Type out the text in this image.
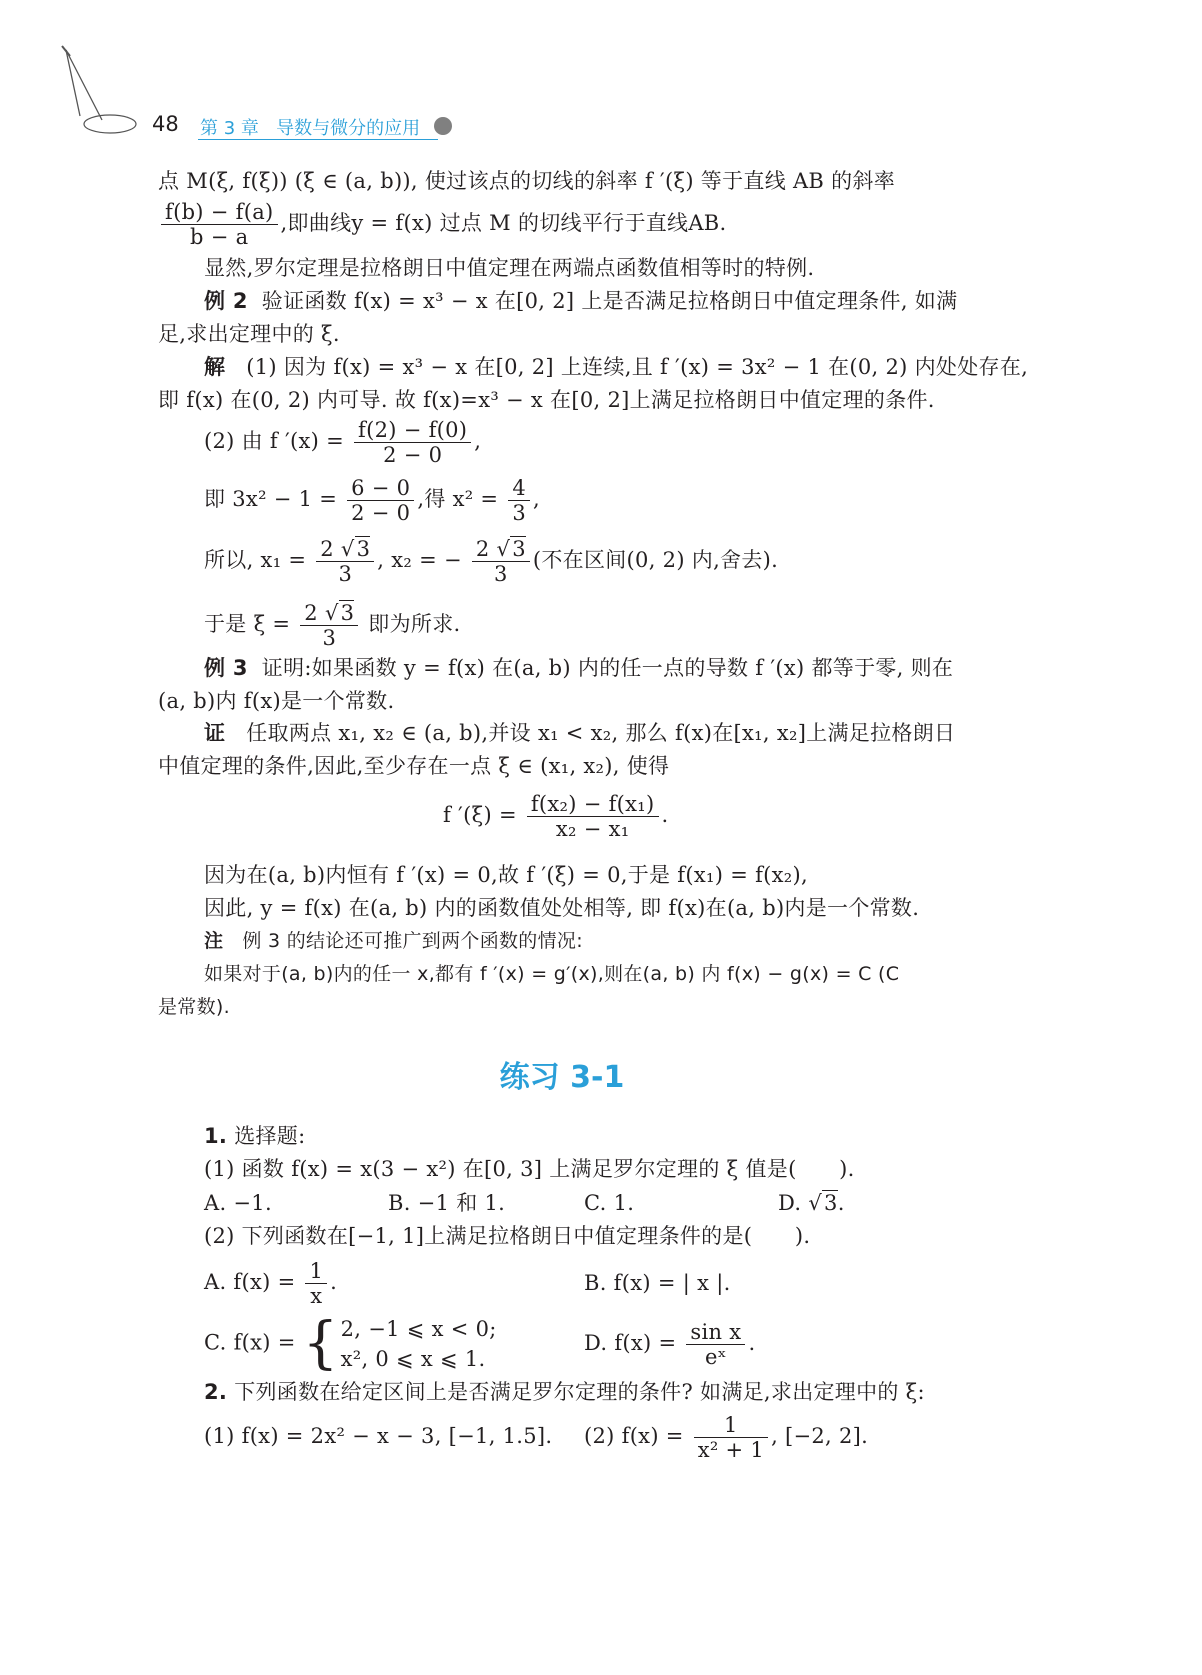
48 第 3 章 导数与微分的应用
点 M(ξ, f(ξ)) (ξ ∈ (a, b)), 使过该点的切线的斜率 f ′(ξ) 等于直线 AB 的斜率
$\frac{f(b) - f(a)}{b - a}$ ,即曲线y = f(x) 过点 M 的切线平行于直线AB.
显然,罗尔定理是拉格朗日中值定理在两端点函数值相等时的特例.
例 2 验证函数 f(x) = x³ − x 在[0, 2] 上是否满足拉格朗日中值定理条件, 如满
足,求出定理中的 ξ.
解 (1) 因为 f(x) = x³ − x 在[0, 2] 上连续,且 f ′(x) = 3x² − 1 在(0, 2) 内处处存在,
即 f(x) 在(0, 2) 内可导. 故 f(x)=x³ − x 在[0, 2]上满足拉格朗日中值定理的条件.
(2) 由 f $'(x) = \frac{f(2) - f(0)}{2 - 0}$ ,
即 $3x^2 - 1 = \frac{6 - 0}{2 - 0}$ ,得 $x^2 = \frac{4}{3}$ ,
所以, $x_1 = \frac{2 √3}{3}$ , x₂ = − $\frac{2 √3}{3}$ (不在区间(0, 2) 内,舍去).
于是 $\xi = \frac{2 √3}{3}$ 即为所求.
例 3 证明:如果函数 y = f(x) 在(a, b) 内的任一点的导数 f ′(x) 都等于零, 则在
(a, b)内 f(x)是一个常数.
证 任取两点 x₁, x₂ ∈ (a, b),并设 x₁ < x₂, 那么 f(x)在[x₁, x₂]上满足拉格朗日
中值定理的条件,因此,至少存在一点 ξ ∈ (x₁, x₂), 使得
f $'(\xi) = \frac{\text{f(x₂) − f(x₁)}}{\text{x₂ − x₁}}$ .
因为在(a, b)内恒有 f ′(x) = 0,故 f ′(ξ) = 0,于是 f(x₁) = f(x₂),
因此, y = f(x) 在(a, b) 内的函数值处处相等, 即 f(x)在(a, b)内是一个常数.
注 例 3 的结论还可推广到两个函数的情况:
如果对于(a, b)内的任一 x,都有 f ′(x) = g′(x),则在(a, b) 内 f(x) − g(x) = C (C
是常数).
练习 3-1
1. 选择题:
(1) 函数 f(x) = x(3 − x²) 在[0, 3] 上满足罗尔定理的 ξ 值是(　　).
A. −1.	B. −1 和 1.	C. 1.	D. √3.
(2) 下列函数在[−1, 1]上满足拉格朗日中值定理条件的是(　　).
A. $f(x) = \frac{1}{x}$ .	B. f(x) = | x |.
C. f(x) = { 2, −1 ⩽ x < 0;
x², 0 ⩽ x ⩽ 1.
D. $f(x) = \frac{\text{sin x}}{\text{eˣ}}$ .
2. 下列函数在给定区间上是否满足罗尔定理的条件? 如满足,求出定理中的 ξ:
(1) f(x) = 2x² − x − 3, [−1, 1.5]. (2) $f(x) = \frac{1}{\text{x² + 1}}$ , [−2, 2].
